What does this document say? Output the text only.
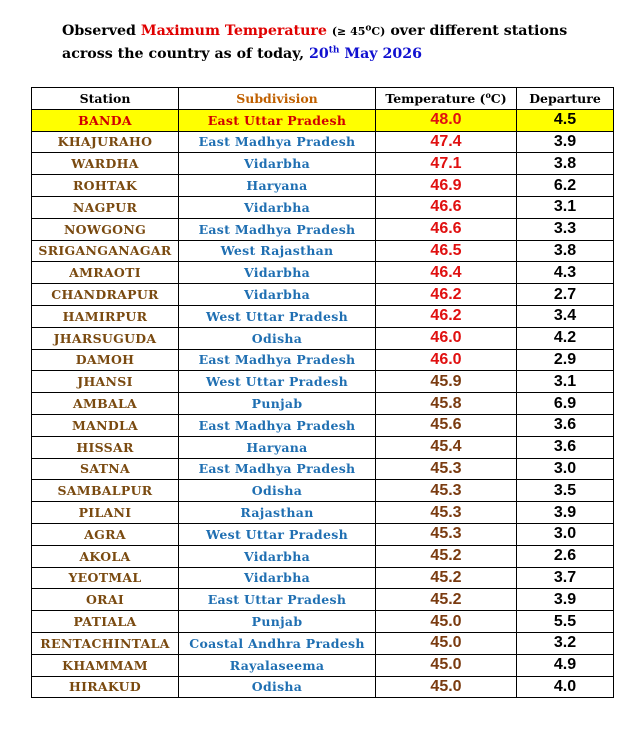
Observed Maximum Temperature (≥ $45^oC$) over different stations across the country as of today, 20th May 2026
Station	Subdivision	Temperature ($^o$C)	Departure
BANDA	East Uttar Pradesh	48.0	4.5
KHAJURAHO	East Madhya Pradesh	47.4	3.9
WARDHA	Vidarbha	47.1	3.8
ROHTAK	Haryana	46.9	6.2
NAGPUR	Vidarbha	46.6	3.1
NOWGONG	East Madhya Pradesh	46.6	3.3
SRIGANGANAGAR	West Rajasthan	46.5	3.8
AMRAOTI	Vidarbha	46.4	4.3
CHANDRAPUR	Vidarbha	46.2	2.7
HAMIRPUR	West Uttar Pradesh	46.2	3.4
JHARSUGUDA	Odisha	46.0	4.2
DAMOH	East Madhya Pradesh	46.0	2.9
JHANSI	West Uttar Pradesh	45.9	3.1
AMBALA	Punjab	45.8	6.9
MANDLA	East Madhya Pradesh	45.6	3.6
HISSAR	Haryana	45.4	3.6
SATNA	East Madhya Pradesh	45.3	3.0
SAMBALPUR	Odisha	45.3	3.5
PILANI	Rajasthan	45.3	3.9
AGRA	West Uttar Pradesh	45.3	3.0
AKOLA	Vidarbha	45.2	2.6
YEOTMAL	Vidarbha	45.2	3.7
ORAI	East Uttar Pradesh	45.2	3.9
PATIALA	Punjab	45.0	5.5
RENTACHINTALA	Coastal Andhra Pradesh	45.0	3.2
KHAMMAM	Rayalaseema	45.0	4.9
HIRAKUD	Odisha	45.0	4.0
